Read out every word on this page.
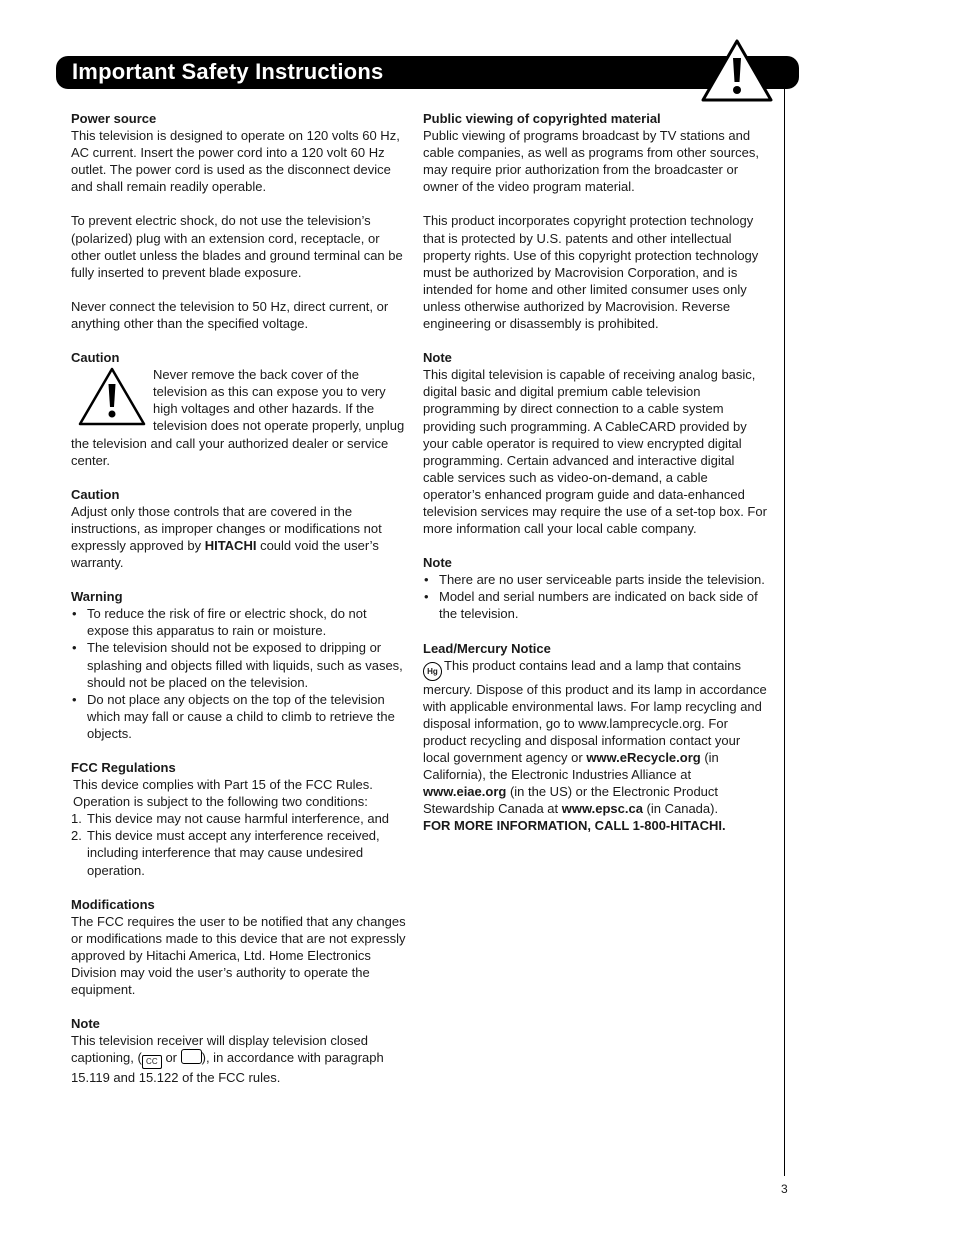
Important Safety Instructions

Power source

This television is designed to operate on 120 volts 60 Hz, AC current. Insert the power cord into a 120 volt 60 Hz outlet. The power cord is used as the disconnect device and shall remain readily operable.

To prevent electric shock, do not use the television’s (polarized) plug with an extension cord, receptacle, or other outlet unless the blades and ground terminal can be fully inserted to prevent blade exposure.

Never connect the television to 50 Hz, direct current, or anything other than the specified voltage.

Caution

Never remove the back cover of the television as this can expose you to very high voltages and other hazards. If the television does not operate properly, unplug the television and call your authorized dealer or service center.

Caution

Adjust only those controls that are covered in the instructions, as improper changes or modifications not expressly approved by HITACHI could void the user’s warranty.

Warning

• To reduce the risk of fire or electric shock, do not expose this apparatus to rain or moisture.
• The television should not be exposed to dripping or splashing and objects filled with liquids, such as vases, should not be placed on the television.
• Do not place any objects on the top of the television which may fall or cause a child to climb to retrieve the objects.

FCC Regulations

This device complies with Part 15 of the FCC Rules. Operation is subject to the following two conditions:

1. This device may not cause harmful interference, and
2. This device must accept any interference received, including interference that may cause undesired operation.

Modifications

The FCC requires the user to be notified that any changes or modifications made to this device that are not expressly approved by Hitachi America, Ltd. Home Electronics Division may void the user’s authority to operate the equipment.

Note

This television receiver will display television closed captioning, ( CC or ), in accordance with paragraph 15.119 and 15.122 of the FCC rules.

Public viewing of copyrighted material

Public viewing of programs broadcast by TV stations and cable companies, as well as programs from other sources, may require prior authorization from the broadcaster or owner of the video program material.

This product incorporates copyright protection technology that is protected by U.S. patents and other intellectual property rights. Use of this copyright protection technology must be authorized by Macrovision Corporation, and is intended for home and other limited consumer uses only unless otherwise authorized by Macrovision. Reverse engineering or disassembly is prohibited.

Note

This digital television is capable of receiving analog basic, digital basic and digital premium cable television programming by direct connection to a cable system providing such programming. A CableCARD provided by your cable operator is required to view encrypted digital programming. Certain advanced and interactive digital cable services such as video-on-demand, a cable operator’s enhanced program guide and data-enhanced television services may require the use of a set-top box. For more information call your local cable company.

Note

• There are no user serviceable parts inside the television.
• Model and serial numbers are indicated on back side of the television.

Lead/Mercury Notice

Hg This product contains lead and a lamp that contains mercury. Dispose of this product and its lamp in accordance with applicable environmental laws. For lamp recycling and disposal information, go to www.lamprecycle.org. For product recycling and disposal information contact your local government agency or www.eRecycle.org (in California), the Electronic Industries Alliance at www.eiae.org (in the US) or the Electronic Product Stewardship Canada at www.epsc.ca (in Canada).

FOR MORE INFORMATION, CALL 1-800-HITACHI.

3
